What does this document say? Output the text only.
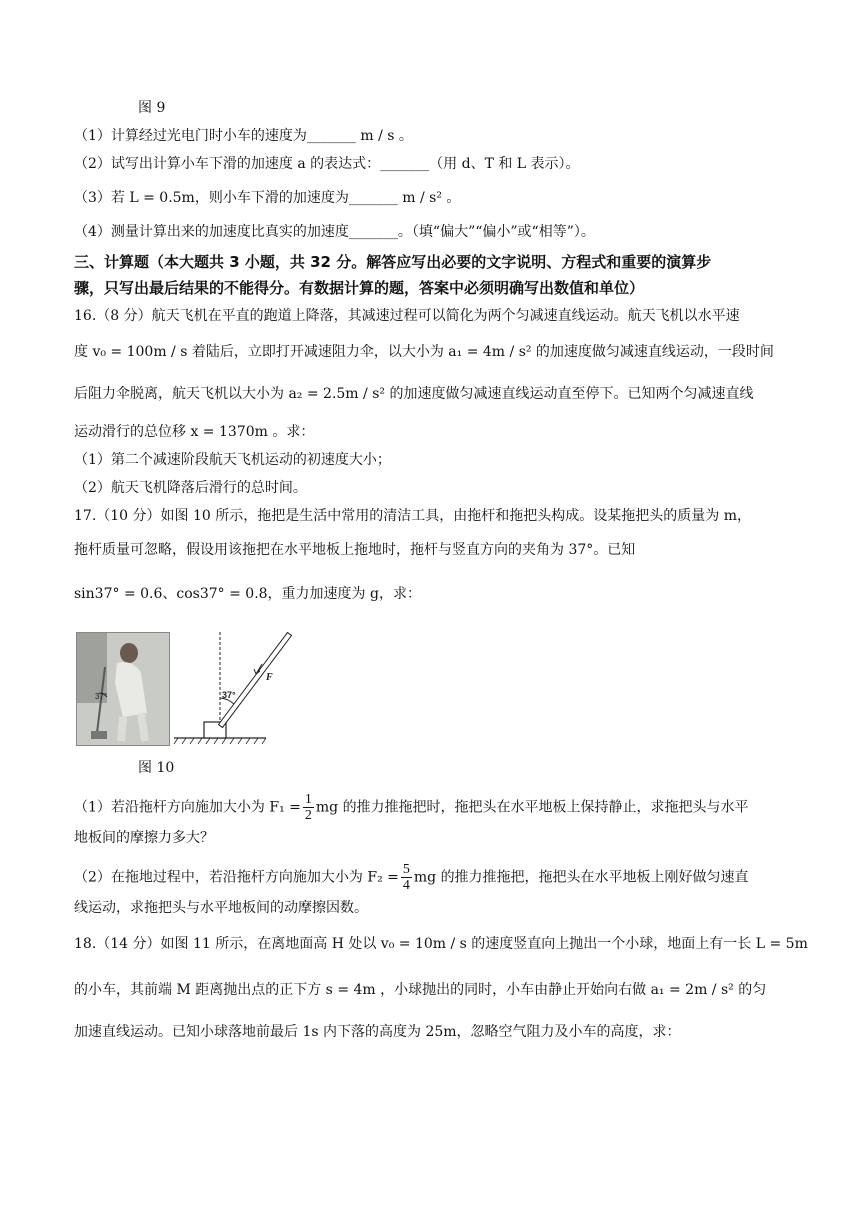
图 9
（1）计算经过光电门时小车的速度为_______ m / s 。
（2）试写出计算小车下滑的加速度 a 的表达式：_______（用 d、T 和 L 表示）。
（3）若 L = 0.5m，则小车下滑的加速度为_______ m / s² 。
（4）测量计算出来的加速度比真实的加速度_______。（填“偏大”“偏小”或“相等”）。
三、计算题（本大题共 3 小题，共 32 分。解答应写出必要的文字说明、方程式和重要的演算步
骤，只写出最后结果的不能得分。有数据计算的题，答案中必须明确写出数值和单位）
16.（8 分）航天飞机在平直的跑道上降落，其减速过程可以简化为两个匀减速直线运动。航天飞机以水平速
度 v₀ = 100m / s 着陆后，立即打开减速阻力伞，以大小为 a₁ = 4m / s² 的加速度做匀减速直线运动，一段时间
后阻力伞脱离，航天飞机以大小为 a₂ = 2.5m / s² 的加速度做匀减速直线运动直至停下。已知两个匀减速直线
运动滑行的总位移 x = 1370m 。求：
（1）第二个减速阶段航天飞机运动的初速度大小；
（2）航天飞机降落后滑行的总时间。
17.（10 分）如图 10 所示，拖把是生活中常用的清洁工具，由拖杆和拖把头构成。设某拖把头的质量为 m，
拖杆质量可忽略，假设用该拖把在水平地板上拖地时，拖杆与竖直方向的夹角为 37°。已知
sin37° = 0.6、cos37° = 0.8，重力加速度为 g，求：
37°	37°
F
图 10
（1）若沿拖杆方向施加大小为 $F_1 = \frac{1}{2}$ mg 的推力推拖把时，拖把头在水平地板上保持静止，求拖把头与水平
地板间的摩擦力多大？
（2）在拖地过程中，若沿拖杆方向施加大小为 $F_2 = \frac{5}{4}$ mg 的推力推拖把，拖把头在水平地板上刚好做匀速直
线运动，求拖把头与水平地板间的动摩擦因数。
18.（14 分）如图 11 所示，在离地面高 H 处以 v₀ = 10m / s 的速度竖直向上抛出一个小球，地面上有一长 L = 5m
的小车，其前端 M 距离抛出点的正下方 s = 4m ，小球抛出的同时，小车由静止开始向右做 a₁ = 2m / s² 的匀
加速直线运动。已知小球落地前最后 1s 内下落的高度为 25m，忽略空气阻力及小车的高度，求：
